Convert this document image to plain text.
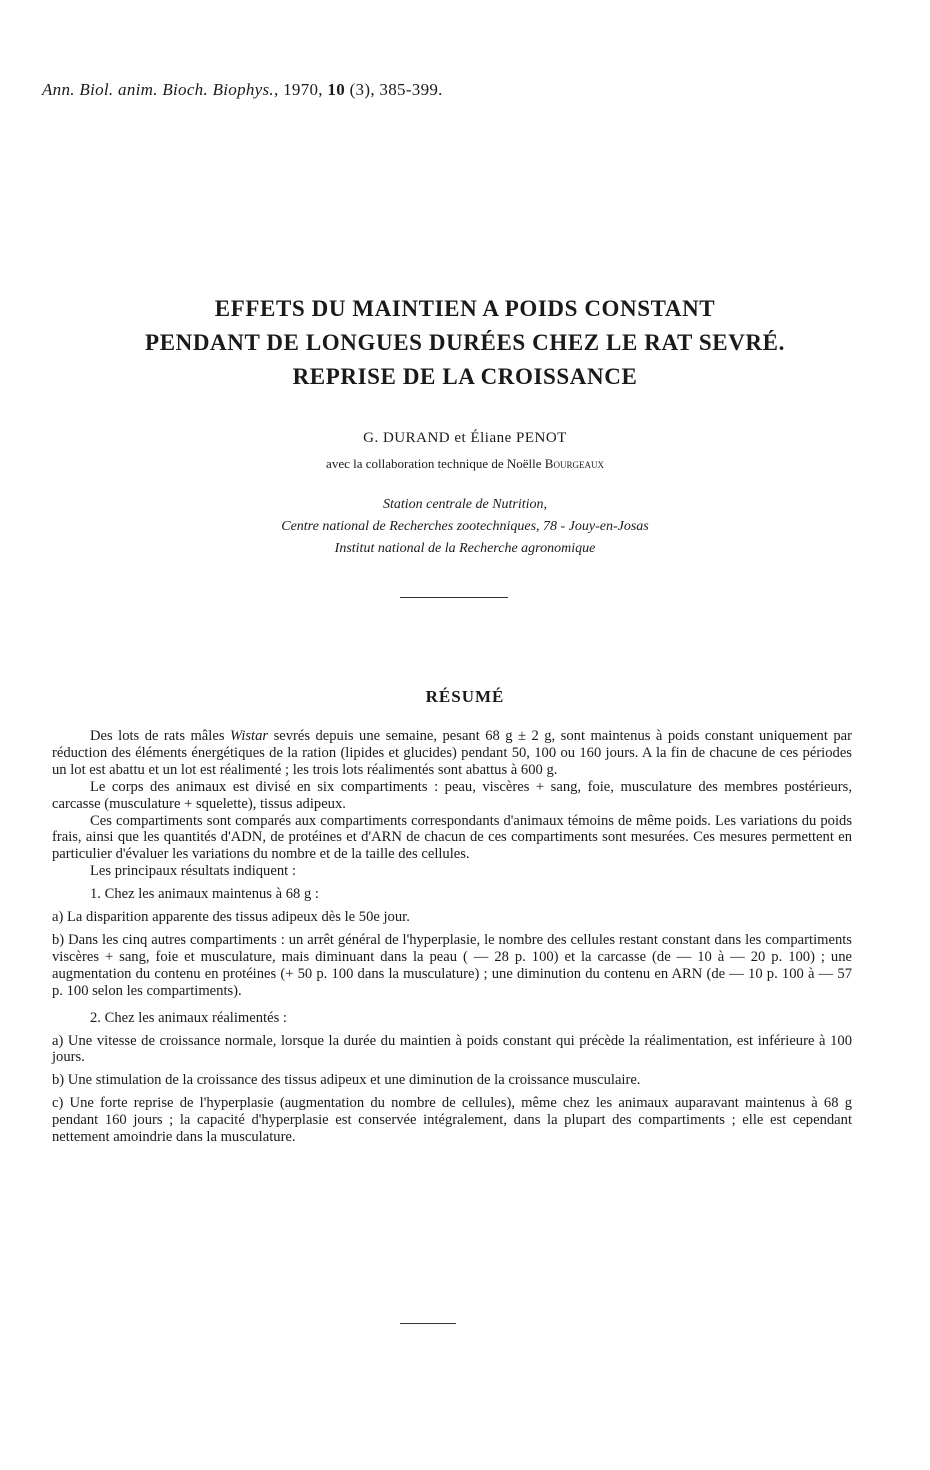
Ann. Biol. anim. Bioch. Biophys., 1970, 10 (3), 385-399.
EFFETS DU MAINTIEN A POIDS CONSTANT
PENDANT DE LONGUES DURÉES CHEZ LE RAT SEVRÉ.
REPRISE DE LA CROISSANCE
G. DURAND et Éliane PENOT
avec la collaboration technique de Noëlle Bourgeaux
Station centrale de Nutrition,
Centre national de Recherches zootechniques, 78 - Jouy-en-Josas
Institut national de la Recherche agronomique
RÉSUMÉ

Des lots de rats mâles Wistar sevrés depuis une semaine, pesant 68 g ± 2 g, sont maintenus à poids constant uniquement par réduction des éléments énergétiques de la ration (lipides et glucides) pendant 50, 100 ou 160 jours. A la fin de chacune de ces périodes un lot est abattu et un lot est réalimenté ; les trois lots réalimentés sont abattus à 600 g.

Le corps des animaux est divisé en six compartiments : peau, viscères + sang, foie, musculature des membres postérieurs, carcasse (musculature + squelette), tissus adipeux.

Ces compartiments sont comparés aux compartiments correspondants d'animaux témoins de même poids. Les variations du poids frais, ainsi que les quantités d'ADN, de protéines et d'ARN de chacun de ces compartiments sont mesurées. Ces mesures permettent en particulier d'évaluer les variations du nombre et de la taille des cellules.

Les principaux résultats indiquent :

1. Chez les animaux maintenus à 68 g :

a) La disparition apparente des tissus adipeux dès le 50e jour.

b) Dans les cinq autres compartiments : un arrêt général de l'hyperplasie, le nombre des cellules restant constant dans les compartiments viscères + sang, foie et musculature, mais diminuant dans la peau ( — 28 p. 100) et la carcasse (de — 10 à — 20 p. 100) ; une augmentation du contenu en protéines (+ 50 p. 100 dans la musculature) ; une diminution du contenu en ARN (de — 10 p. 100 à — 57 p. 100 selon les compartiments).

2. Chez les animaux réalimentés :

a) Une vitesse de croissance normale, lorsque la durée du maintien à poids constant qui précède la réalimentation, est inférieure à 100 jours.

b) Une stimulation de la croissance des tissus adipeux et une diminution de la croissance musculaire.

c) Une forte reprise de l'hyperplasie (augmentation du nombre de cellules), même chez les animaux auparavant maintenus à 68 g pendant 160 jours ; la capacité d'hyperplasie est conservée intégralement, dans la plupart des compartiments ; elle est cependant nettement amoindrie dans la musculature.
